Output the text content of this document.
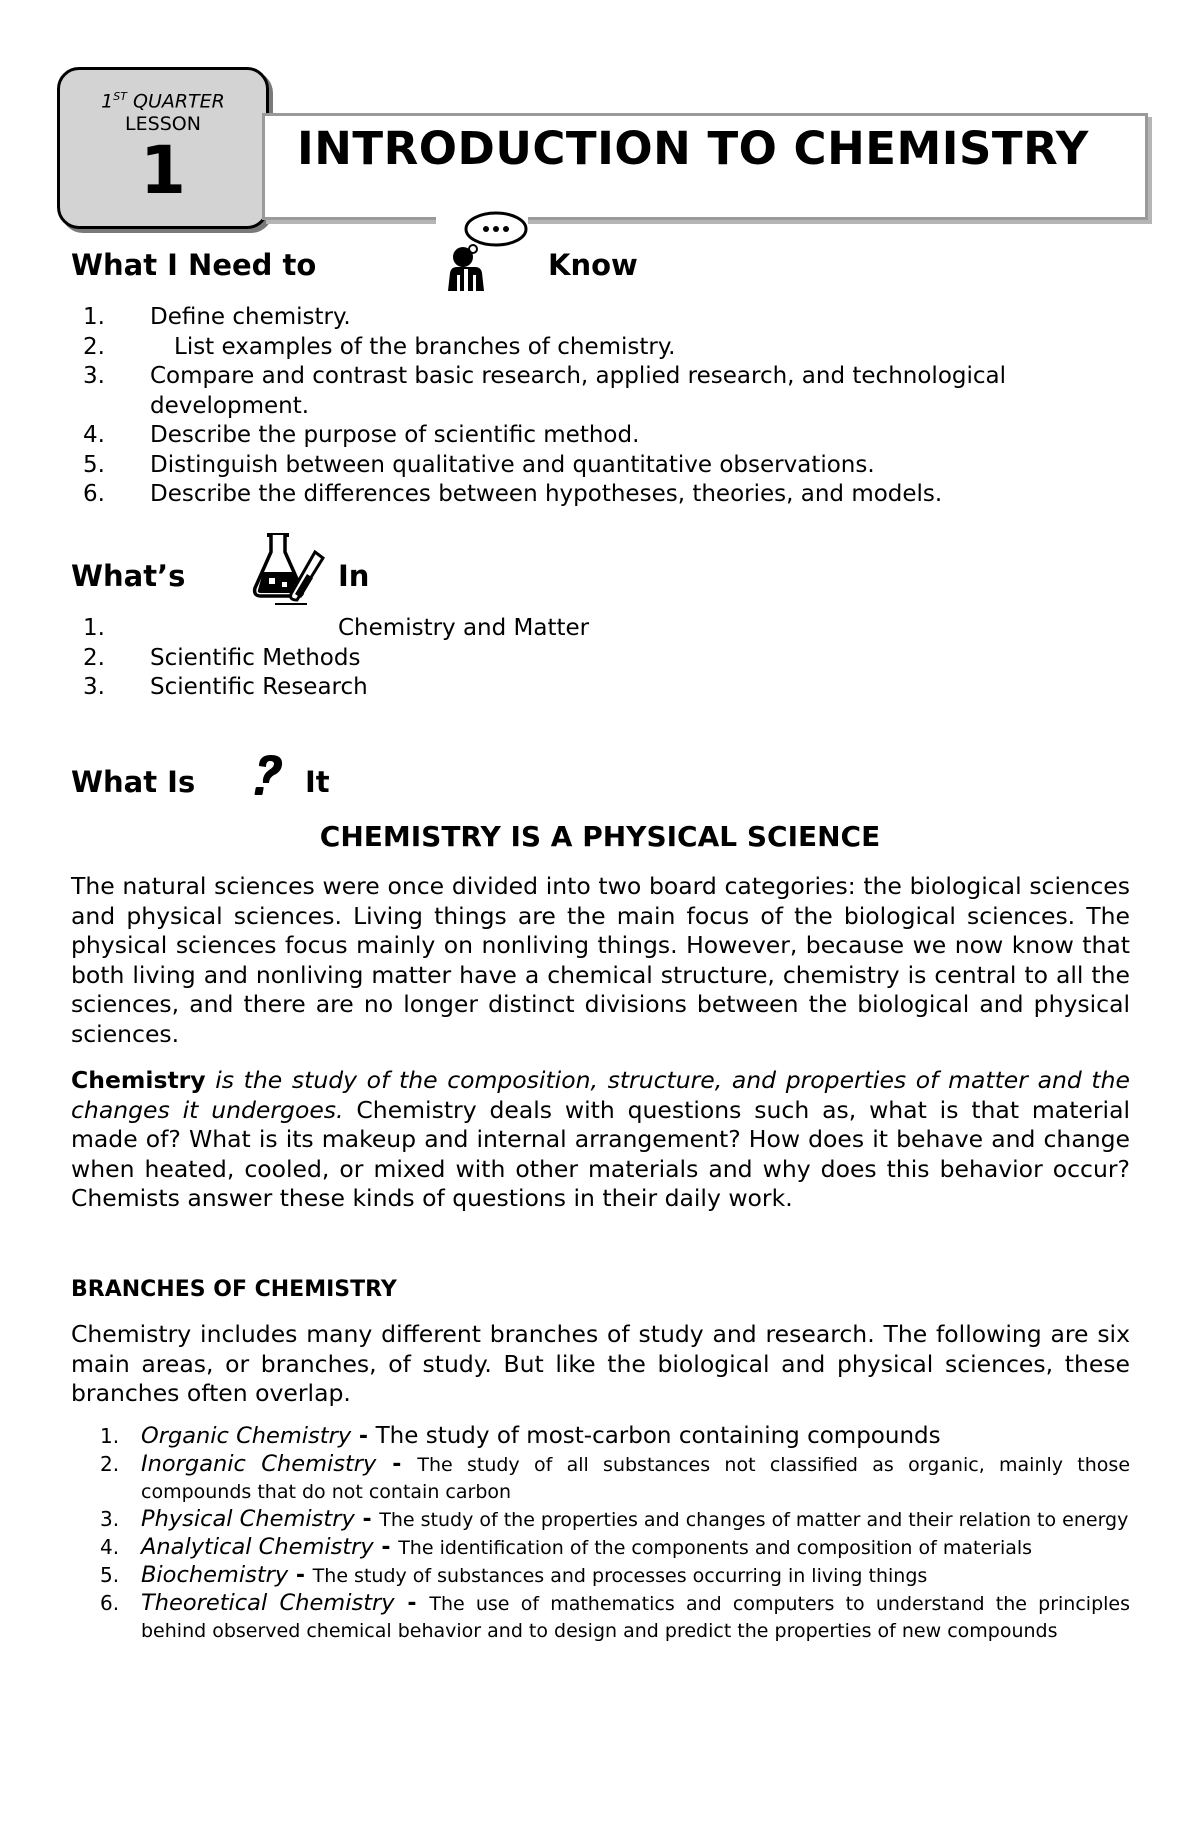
1ST QUARTER
LESSON
1	INTRODUCTION TO CHEMISTRY
What I Need to	Know
1. Define chemistry.
2.	List examples of the branches of chemistry.
3. Compare and contrast basic research, applied research, and technological development.
4. Describe the purpose of scientific method.
5. Distinguish between qualitative and quantitative observations.
6. Describe the differences between hypotheses, theories, and models.
What’s	In
1.	Chemistry and Matter
2. Scientific Methods
3. Scientific Research
What Is	It
CHEMISTRY IS A PHYSICAL SCIENCE
The natural sciences were once divided into two board categories: the biological sciences and physical sciences. Living things are the main focus of the biological sciences. The physical sciences focus mainly on nonliving things. However, because we now know that both living and nonliving matter have a chemical structure, chemistry is central to all the sciences, and there are no longer distinct divisions between the biological and physical sciences.
Chemistry is the study of the composition, structure, and properties of matter and the changes it undergoes. Chemistry deals with questions such as, what is that material made of? What is its makeup and internal arrangement? How does it behave and change when heated, cooled, or mixed with other materials and why does this behavior occur? Chemists answer these kinds of questions in their daily work.
BRANCHES OF CHEMISTRY
Chemistry includes many different branches of study and research. The following are six main areas, or branches, of study. But like the biological and physical sciences, these branches often overlap.
1. Organic Chemistry - The study of most-carbon containing compounds
2. Inorganic Chemistry - The study of all substances not classified as organic, mainly those compounds that do not contain carbon
3. Physical Chemistry - The study of the properties and changes of matter and their relation to energy
4. Analytical Chemistry - The identification of the components and composition of materials
5. Biochemistry - The study of substances and processes occurring in living things
6. Theoretical Chemistry - The use of mathematics and computers to understand the principles behind observed chemical behavior and to design and predict the properties of new compounds
